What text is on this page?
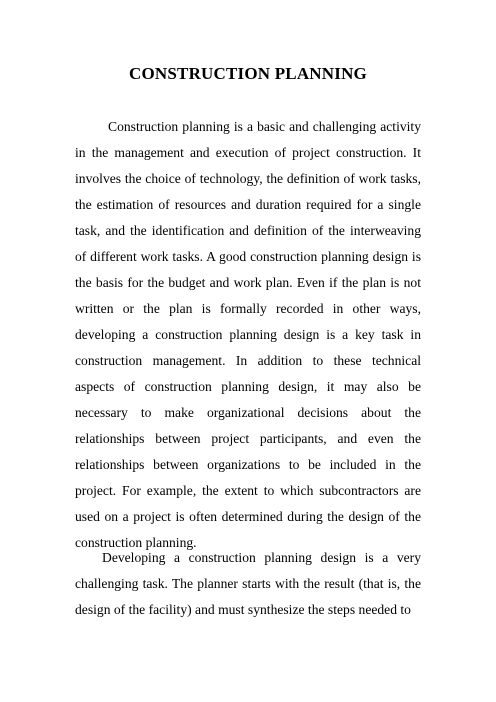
CONSTRUCTION PLANNING

Construction planning is a basic and challenging activity in the management and execution of project construction. It involves the choice of technology, the definition of work tasks, the estimation of resources and duration required for a single task, and the identification and definition of the interweaving of different work tasks. A good construction planning design is the basis for the budget and work plan. Even if the plan is not written or the plan is formally recorded in other ways, developing a construction planning design is a key task in construction management. In addition to these technical aspects of construction planning design, it may also be necessary to make organizational decisions about the relationships between project participants, and even the relationships between organizations to be included in the project. For example, the extent to which subcontractors are used on a project is often determined during the design of the construction planning.

Developing a construction planning design is a very challenging task. The planner starts with the result (that is, the design of the facility) and must synthesize the steps needed to
